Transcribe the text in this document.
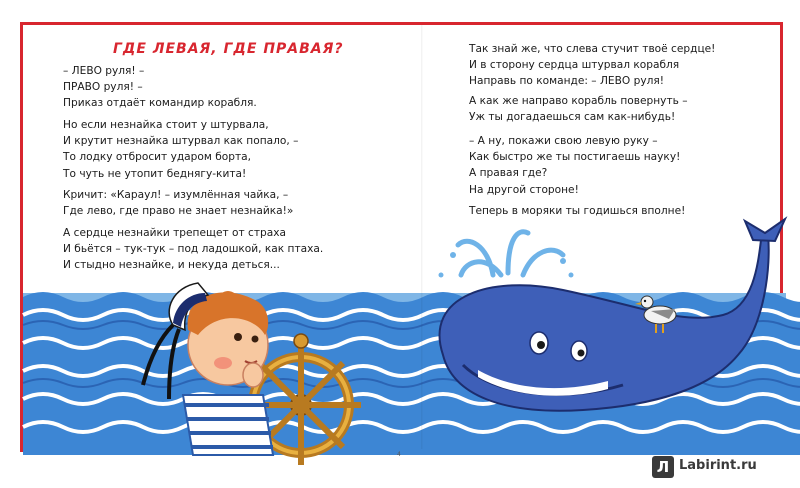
ГДЕ ЛЕВАЯ, ГДЕ ПРАВАЯ?
– ЛЕВО руля! –
ПРАВО руля! –
Приказ отдаёт командир корабля.
Но если незнайка стоит у штурвала,
И крутит незнайка штурвал как попало, –
То лодку отбросит ударом борта,
То чуть не утопит беднягу-кита!
Кричит: «Караул! – изумлённая чайка, –
Где лево, где право не знает незнайка!»
А сердце незнайки трепещет от страха
И бьётся – тук-тук – под ладошкой, как птаха.
И стыдно незнайке, и некуда деться...
Так знай же, что слева стучит твоё сердце!
И в сторону сердца штурвал корабля
Направь по команде: – ЛЕВО руля!
А как же направо корабль повернуть –
Уж ты догадаешься сам как-нибудь!
– А ну, покажи свою левую руку –
Как быстро же ты постигаешь науку!
А правая где?
На другой стороне!
Теперь в моряки ты годишься вполне!
4
Л Labirint.ru
